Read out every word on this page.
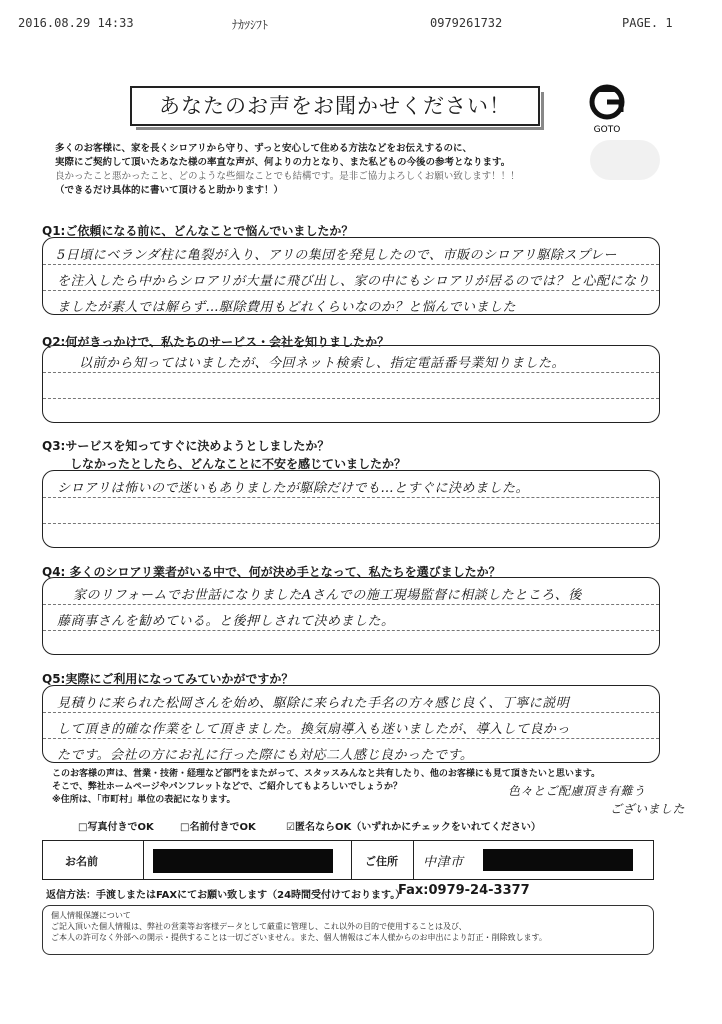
2016.08.29 14:33	ﾅｶﾂｼﾌﾄ	0979261732	PAGE. 1
あなたのお声をお聞かせください！
GOTO
多くのお客様に、家を長くシロアリから守り、ずっと安心して住める方法などをお伝えするのに、
実際にご契約して頂いたあなた様の率直な声が、何よりの力となり、また私どもの今後の参考となります。
良かったこと悪かったこと、どのような些細なことでも結構です。是非ご協力よろしくお願い致します！！！
（できるだけ具体的に書いて頂けると助かります！）
Q1:ご依頼になる前に、どんなことで悩んでいましたか？
5日頃にベランダ柱に亀裂が入り、アリの集団を発見したので、市販のシロアリ駆除スプレー
を注入したら中からシロアリが大量に飛び出し、家の中にもシロアリが居るのでは？と心配になり
ましたが素人では解らず…駆除費用もどれくらいなのか？と悩んでいました
Q2:何がきっかけで、私たちのサービス・会社を知りましたか？
以前から知ってはいましたが、今回ネット検索し、指定電話番号業知りました。
Q3:サービスを知ってすぐに決めようとしましたか？
しなかったとしたら、どんなことに不安を感じていましたか？
シロアリは怖いので迷いもありましたが駆除だけでも…とすぐに決めました。
Q4: 多くのシロアリ業者がいる中で、何が決め手となって、私たちを選びましたか？
家のリフォームでお世話になりましたAさんでの施工現場監督に相談したところ、後
藤商事さんを勧めている。と後押しされて決めました。
Q5:実際にご利用になってみていかがですか？
見積りに来られた松岡さんを始め、駆除に来られた手名の方々感じ良く、丁寧に説明
して頂き的確な作業をして頂きました。換気扇導入も迷いましたが、導入して良かっ
たです。会社の方にお礼に行った際にも対応二人感じ良かったです。
このお客様の声は、営業・技術・経理など部門をまたがって、スタッスみんなと共有したり、他のお客様にも見て頂きたいと思います。
そこで、弊社ホームページやパンフレットなどで、ご紹介してもよろしいでしょうか？
※住所は、「市町村」単位の表記になります。
色々とご配慮頂き有難う
ございました
□写真付きでOK	□名前付きでOK	☑匿名ならOK（いずれかにチェックをいれてください）
お名前	ご住所 中津市
返信方法：手渡しまたはFAXにてお願い致します（24時間受付けております。）
Fax:0979-24-3377
個人情報保護について
ご記入頂いた個人情報は、弊社の営業等お客様データとして厳重に管理し、これ以外の目的で使用することは及び、
ご本人の許可なく外部への開示・提供することは一切ございません。また、個人情報はご本人様からのお申出により訂正・削除致します。
